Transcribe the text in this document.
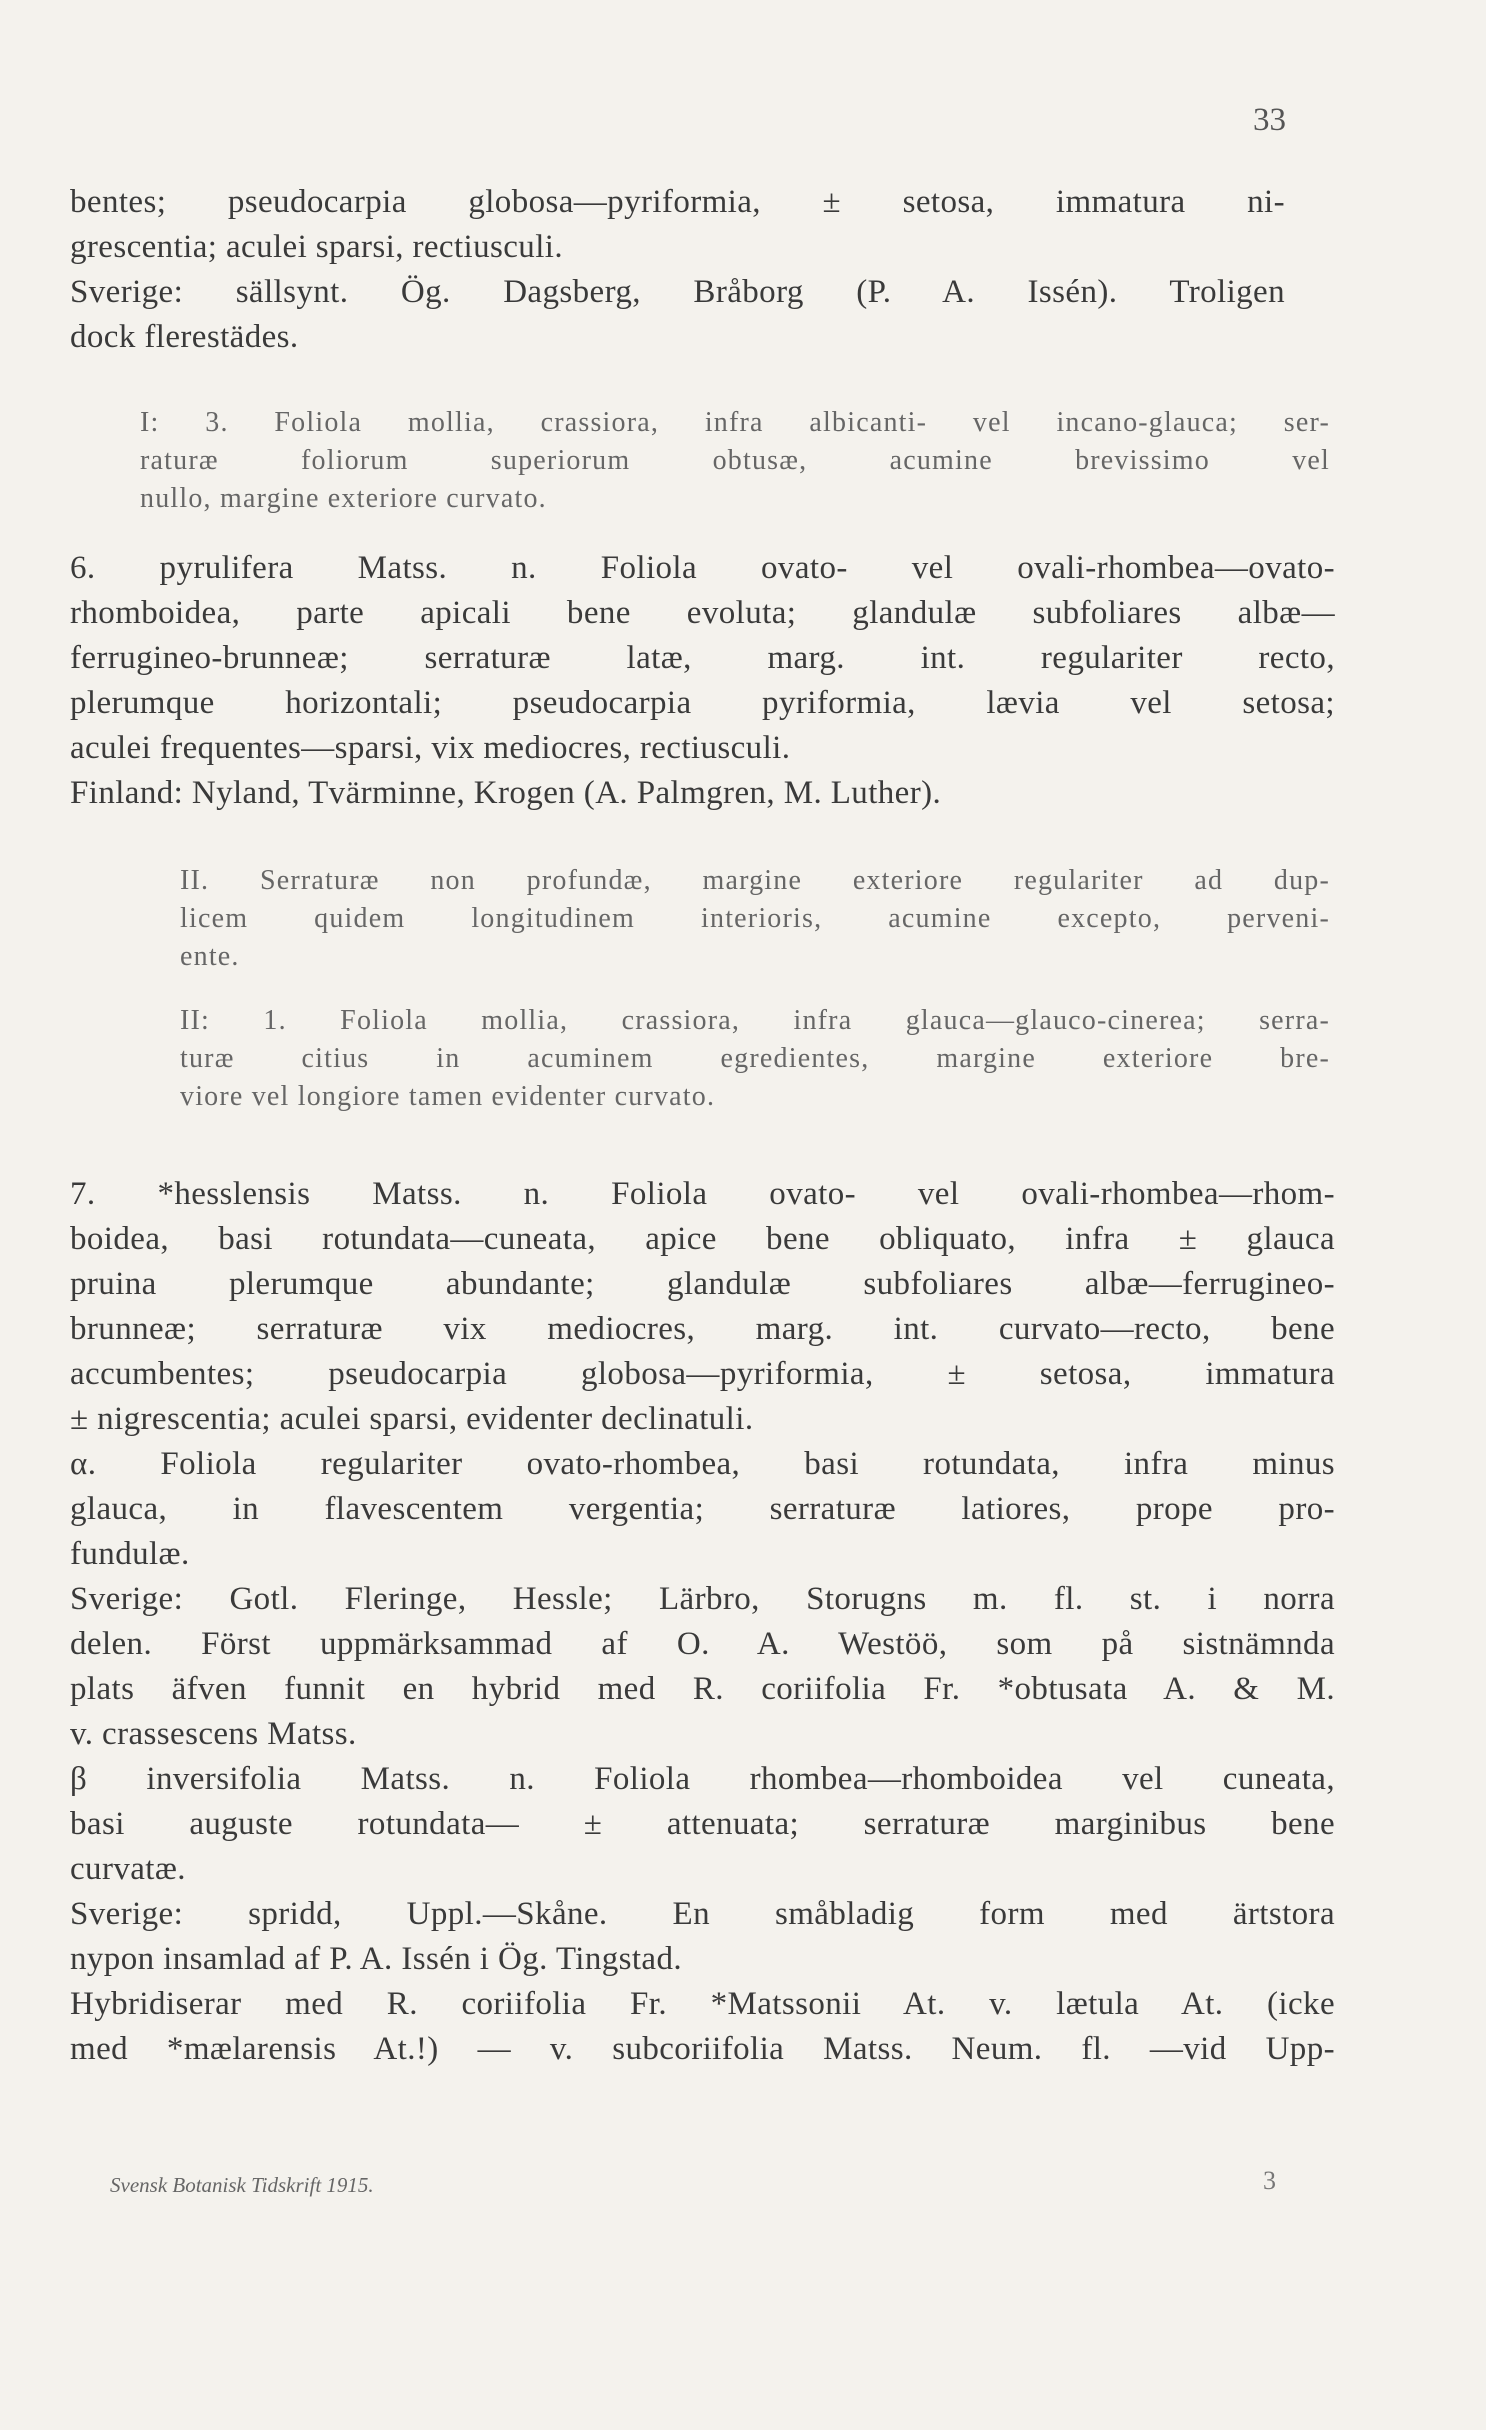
33
bentes; pseudocarpia globosa—pyriformia, ± setosa, immatura ni-
grescentia; aculei sparsi, rectiusculi.
Sverige: sällsynt. Ög. Dagsberg, Bråborg (P. A. Issén). Troligen
dock flerestädes.
I: 3. Foliola mollia, crassiora, infra albicanti- vel incano-glauca; ser-
raturæ foliorum superiorum obtusæ, acumine brevissimo vel
nullo, margine exteriore curvato.
6. pyrulifera Matss. n. Foliola ovato- vel ovali-rhombea—ovato-
rhomboidea, parte apicali bene evoluta; glandulæ subfoliares albæ—
ferrugineo-brunneæ; serraturæ latæ, marg. int. regulariter recto,
plerumque horizontali; pseudocarpia pyriformia, lævia vel setosa;
aculei frequentes—sparsi, vix mediocres, rectiusculi.
Finland: Nyland, Tvärminne, Krogen (A. Palmgren, M. Luther).
II. Serraturæ non profundæ, margine exteriore regulariter ad dup-
licem quidem longitudinem interioris, acumine excepto, perveni-
ente.
II: 1. Foliola mollia, crassiora, infra glauca—glauco-cinerea; serra-
turæ citius in acuminem egredientes, margine exteriore bre-
viore vel longiore tamen evidenter curvato.
7. *hesslensis Matss. n. Foliola ovato- vel ovali-rhombea—rhom-
boidea, basi rotundata—cuneata, apice bene obliquato, infra ± glauca
pruina plerumque abundante; glandulæ subfoliares albæ—ferrugineo-
brunneæ; serraturæ vix mediocres, marg. int. curvato—recto, bene
accumbentes; pseudocarpia globosa—pyriformia, ± setosa, immatura
± nigrescentia; aculei sparsi, evidenter declinatuli.
α. Foliola regulariter ovato-rhombea, basi rotundata, infra minus
glauca, in flavescentem vergentia; serraturæ latiores, prope pro-
fundulæ.
Sverige: Gotl. Fleringe, Hessle; Lärbro, Storugns m. fl. st. i norra
delen. Först uppmärksammad af O. A. Westöö, som på sistnämnda
plats äfven funnit en hybrid med R. coriifolia Fr. *obtusata A. & M.
v. crassescens Matss.
β inversifolia Matss. n. Foliola rhombea—rhomboidea vel cuneata,
basi auguste rotundata— ± attenuata; serraturæ marginibus bene
curvatæ.
Sverige: spridd, Uppl.—Skåne. En småbladig form med ärtstora
nypon insamlad af P. A. Issén i Ög. Tingstad.
Hybridiserar med R. coriifolia Fr. *Matssonii At. v. lætula At. (icke
med *mælarensis At.!) — v. subcoriifolia Matss. Neum. fl. —vid Upp-
Svensk Botanisk Tidskrift 1915.	3
